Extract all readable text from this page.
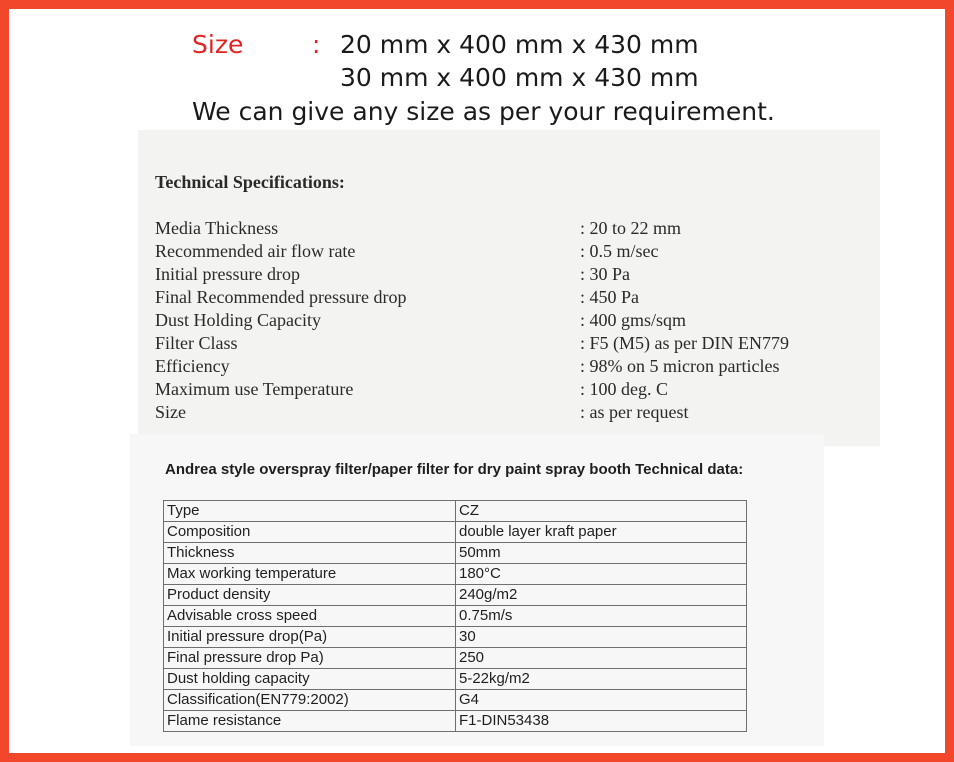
Size	: 20 mm x 400 mm x 430 mm
30 mm x 400 mm x 430 mm
We can give any size as per your requirement.
Technical Specifications:
Media Thickness	: 20 to 22 mm
Recommended air flow rate	: 0.5 m/sec
Initial pressure drop	: 30 Pa
Final Recommended pressure drop	: 450 Pa
Dust Holding Capacity	: 400 gms/sqm
Filter Class	: F5 (M5) as per DIN EN779
Efficiency	: 98% on 5 micron particles
Maximum use Temperature	: 100 deg. C
Size	: as per request
Andrea style overspray filter/paper filter for dry paint spray booth Technical data:
Type	CZ
Composition	double layer kraft paper
Thickness	50mm
Max working temperature	180°C
Product density	240g/m2
Advisable cross speed	0.75m/s
Initial pressure drop(Pa)	30
Final pressure drop Pa)	250
Dust holding capacity	5-22kg/m2
Classification(EN779:2002)	G4
Flame resistance	F1-DIN53438
